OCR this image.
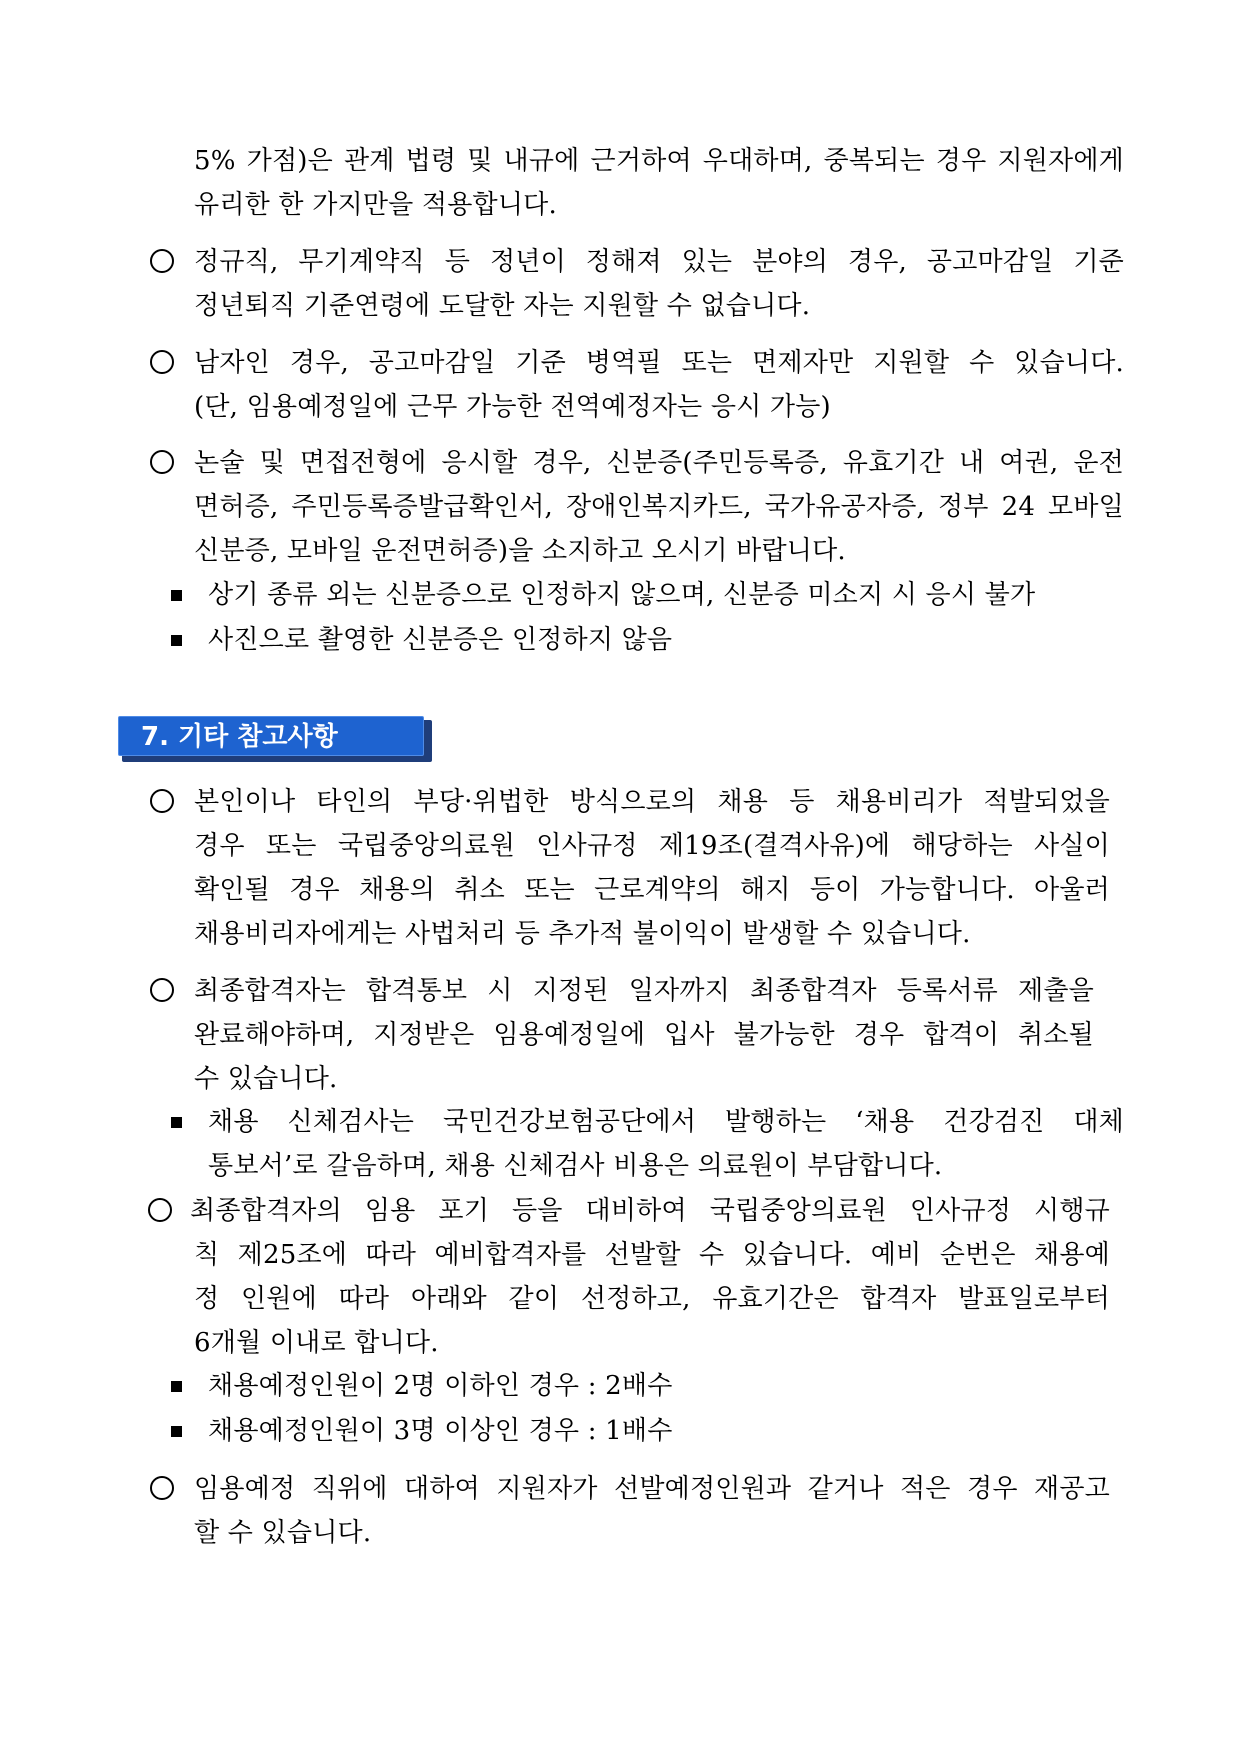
5% 가점)은 관계 법령 및 내규에 근거하여 우대하며, 중복되는 경우 지원자에게
유리한 한 가지만을 적용합니다.
정규직, 무기계약직 등 정년이 정해져 있는 분야의 경우, 공고마감일 기준
정년퇴직 기준연령에 도달한 자는 지원할 수 없습니다.
남자인 경우, 공고마감일 기준 병역필 또는 면제자만 지원할 수 있습니다.
(단, 임용예정일에 근무 가능한 전역예정자는 응시 가능)
논술 및 면접전형에 응시할 경우, 신분증(주민등록증, 유효기간 내 여권, 운전
면허증, 주민등록증발급확인서, 장애인복지카드, 국가유공자증, 정부 24 모바일
신분증, 모바일 운전면허증)을 소지하고 오시기 바랍니다.
상기 종류 외는 신분증으로 인정하지 않으며, 신분증 미소지 시 응시 불가
사진으로 촬영한 신분증은 인정하지 않음
7. 기타 참고사항
본인이나 타인의 부당·위법한 방식으로의 채용 등 채용비리가 적발되었을
경우 또는 국립중앙의료원 인사규정 제19조(결격사유)에 해당하는 사실이
확인될 경우 채용의 취소 또는 근로계약의 해지 등이 가능합니다. 아울러
채용비리자에게는 사법처리 등 추가적 불이익이 발생할 수 있습니다.
최종합격자는 합격통보 시 지정된 일자까지 최종합격자 등록서류 제출을
완료해야하며, 지정받은 임용예정일에 입사 불가능한 경우 합격이 취소될
수 있습니다.
채용 신체검사는 국민건강보험공단에서 발행하는 ‘채용 건강검진 대체
통보서’로 갈음하며, 채용 신체검사 비용은 의료원이 부담합니다.
최종합격자의 임용 포기 등을 대비하여 국립중앙의료원 인사규정 시행규
칙 제25조에 따라 예비합격자를 선발할 수 있습니다. 예비 순번은 채용예
정 인원에 따라 아래와 같이 선정하고, 유효기간은 합격자 발표일로부터
6개월 이내로 합니다.
채용예정인원이 2명 이하인 경우 : 2배수
채용예정인원이 3명 이상인 경우 : 1배수
임용예정 직위에 대하여 지원자가 선발예정인원과 같거나 적은 경우 재공고
할 수 있습니다.
